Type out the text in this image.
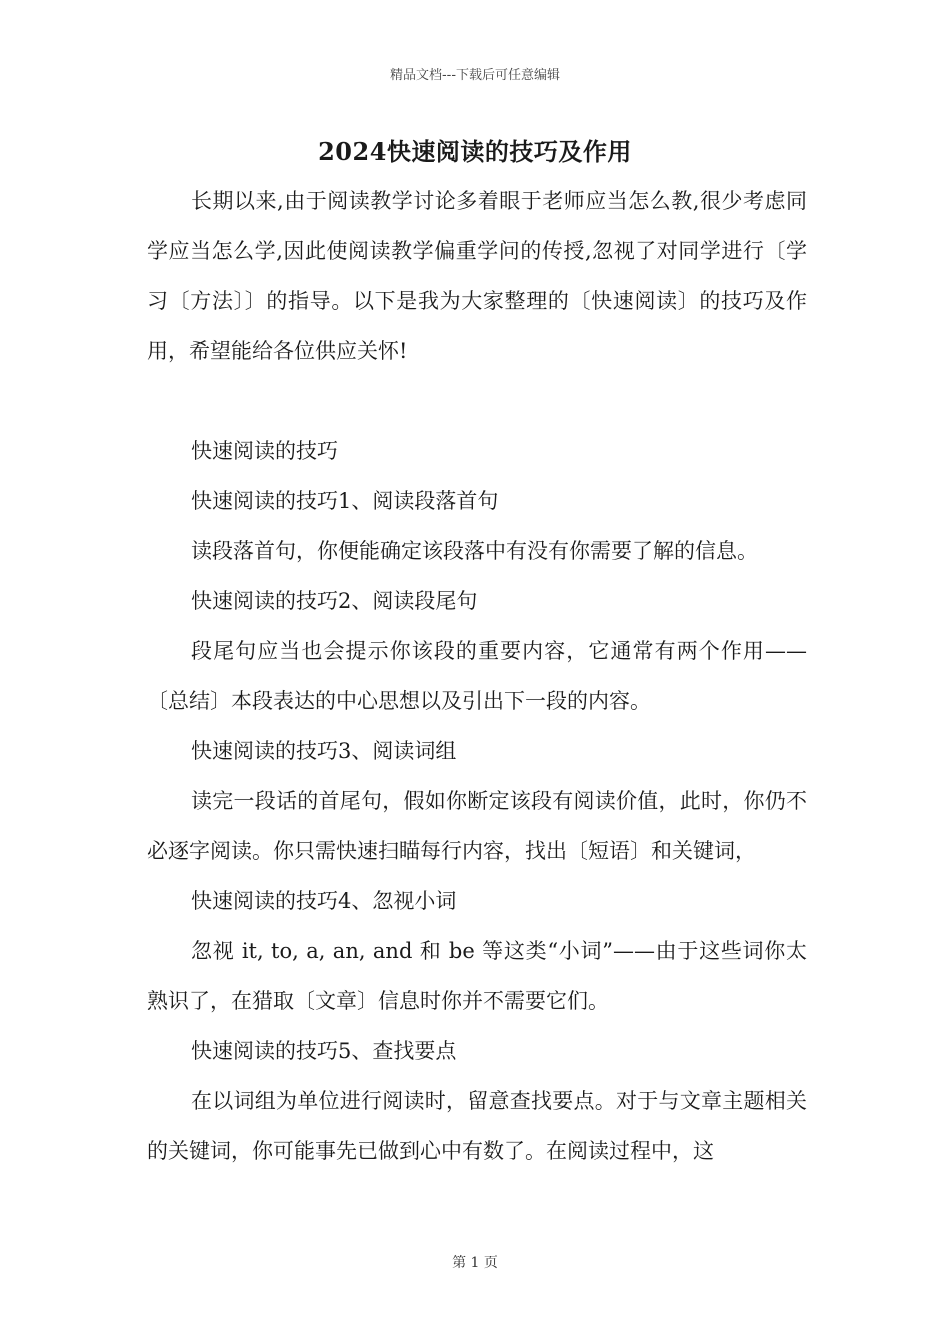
精品文档---下载后可任意编辑
2024快速阅读的技巧及作用

长期以来,由于阅读教学讨论多着眼于老师应当怎么教,很少考虑同学应当怎么学,因此使阅读教学偏重学问的传授,忽视了对同学进行〔学习〔方法〕〕的指导。以下是我为大家整理的〔快速阅读〕的技巧及作用，希望能给各位供应关怀!

快速阅读的技巧

快速阅读的技巧1、阅读段落首句

读段落首句，你便能确定该段落中有没有你需要了解的信息。

快速阅读的技巧2、阅读段尾句

段尾句应当也会提示你该段的重要内容，它通常有两个作用——〔总结〕本段表达的中心思想以及引出下一段的内容。

快速阅读的技巧3、阅读词组

读完一段话的首尾句，假如你断定该段有阅读价值，此时，你仍不必逐字阅读。你只需快速扫瞄每行内容，找出〔短语〕和关键词，

快速阅读的技巧4、忽视小词

忽视 it, to, a, an, and 和 be 等这类“小词”——由于这些词你太熟识了，在猎取〔文章〕信息时你并不需要它们。

快速阅读的技巧5、查找要点

在以词组为单位进行阅读时，留意查找要点。对于与文章主题相关的关键词，你可能事先已做到心中有数了。在阅读过程中，这

第 1 页
